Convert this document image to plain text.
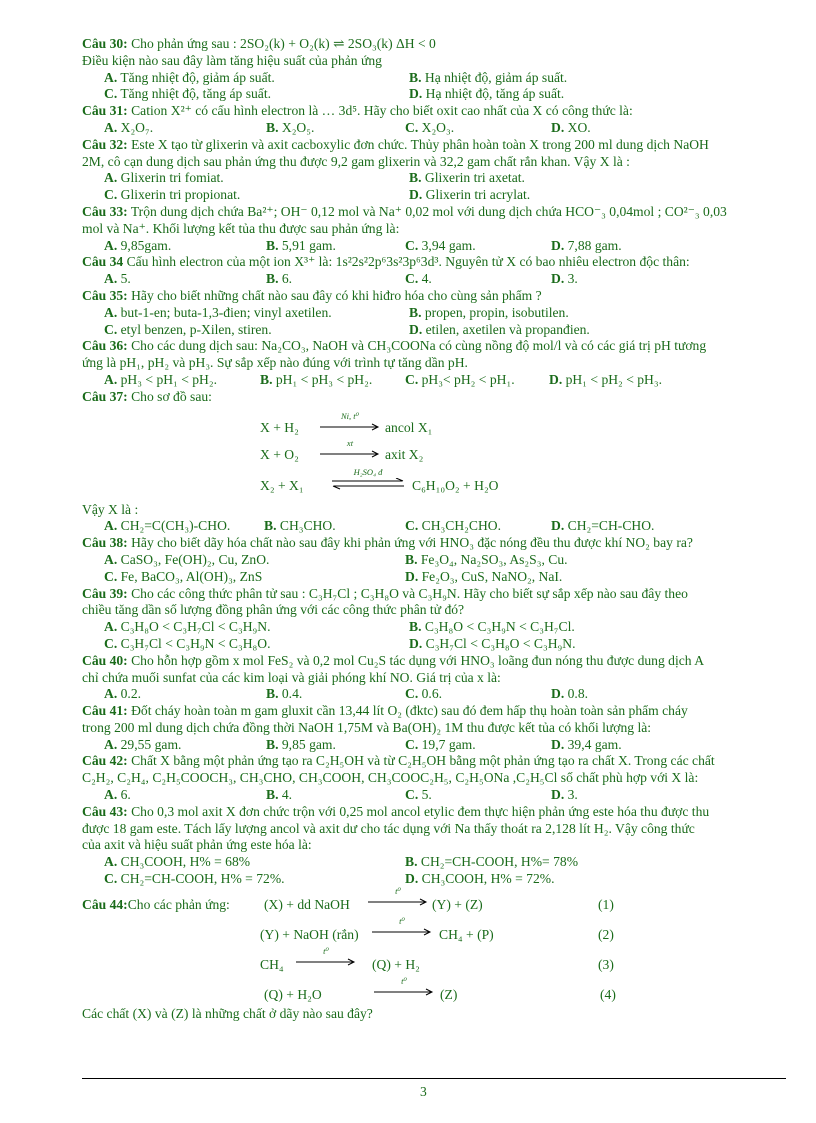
Câu 30: Cho phản ứng sau : 2SO₂(k) + O₂(k) ⇌ 2SO₃(k) ΔH < 0
Điều kiện nào sau đây làm tăng hiệu suất của phản ứng
A. Tăng nhiệt độ, giảm áp suất.	B. Hạ nhiệt độ, giảm áp suất.
C. Tăng nhiệt độ, tăng áp suất.	D. Hạ nhiệt độ, tăng áp suất.
Câu 31: Cation X²⁺ có cấu hình electron là … 3d⁵. Hãy cho biết oxit cao nhất của X có công thức là:
A. X₂O₇.	B. X₂O₅.	C. X₂O₃.	D. XO.
Câu 32: Este X tạo từ glixerin và axit cacboxylic đơn chức. Thủy phân hoàn toàn X trong 200 ml dung dịch NaOH
2M, cô cạn dung dịch sau phản ứng thu được 9,2 gam glixerin và 32,2 gam chất rắn khan. Vậy X là :
A. Glixerin tri fomiat.	B. Glixerin tri axetat.
C. Glixerin tri propionat.	D. Glixerin tri acrylat.
Câu 33: Trộn dung dịch chứa Ba²⁺; OH⁻ 0,12 mol và Na⁺ 0,02 mol với dung dịch chứa HCO⁻₃ 0,04mol ; CO²⁻₃ 0,03
mol và Na⁺. Khối lượng kết tủa thu được sau phản ứng là:
A. 9,85gam.	B. 5,91 gam.	C. 3,94 gam.	D. 7,88 gam.
Câu 34 Cấu hình electron của một ion X³⁺ là: 1s²2s²2p⁶3s²3p⁶3d³. Nguyên tử X có bao nhiêu electron độc thân:
A. 5.	B. 6.	C. 4.	D. 3.
Câu 35: Hãy cho biết những chất nào sau đây có khi hiđro hóa cho cùng sản phẩm ?
A. but-1-en; buta-1,3-đien; vinyl axetilen.	B. propen, propin, isobutilen.
C. etyl benzen, p-Xilen, stiren.	D. etilen, axetilen và propanđien.
Câu 36: Cho các dung dịch sau: Na₂CO₃, NaOH và CH₃COONa có cùng nồng độ mol/l và có các giá trị pH tương
ứng là pH₁, pH₂ và pH₃. Sự sắp xếp nào đúng với trình tự tăng dần pH.
A. pH₃ < pH₁ < pH₂.	B. pH₁ < pH₃ < pH₂. C. pH₃< pH₂ < pH₁.	D. pH₁ < pH₂ < pH₃.
Câu 37: Cho sơ đồ sau:
X + H₂
Ni, t⁰
ancol X₁
X + O₂
xt
axit X₂
X₂ + X₁
H₂SO₄ đ
C₆H₁₀O₂ + H₂O
Vậy X là :
A. CH₂=C(CH₃)-CHO. B. CH₃CHO.	C. CH₃CH₂CHO.	D. CH₂=CH-CHO.
Câu 38: Hãy cho biết dãy hóa chất nào sau đây khi phản ứng với HNO₃ đặc nóng đều thu được khí NO₂ bay ra?
A. CaSO₃, Fe(OH)₂, Cu, ZnO.	B. Fe₃O₄, Na₂SO₃, As₂S₃, Cu.
C. Fe, BaCO₃, Al(OH)₃, ZnS	D. Fe₂O₃, CuS, NaNO₂, NaI.
Câu 39: Cho các công thức phân tử sau : C₃H₇Cl ; C₃H₈O và C₃H₉N. Hãy cho biết sự sắp xếp nào sau đây theo
chiều tăng dần số lượng đồng phân ứng với các công thức phân tử đó?
A. C₃H₈O < C₃H₇Cl < C₃H₉N.	B. C₃H₈O < C₃H₉N < C₃H₇Cl.
C. C₃H₇Cl < C₃H₉N < C₃H₈O.	D. C₃H₇Cl < C₃H₈O < C₃H₉N.
Câu 40: Cho hỗn hợp gồm x mol FeS₂ và 0,2 mol Cu₂S tác dụng với HNO₃ loãng đun nóng thu được dung dịch A
chỉ chứa muối sunfat của các kim loại và giải phóng khí NO. Giá trị của x là:
A. 0.2.	B. 0.4.	C. 0.6.	D. 0.8.
Câu 41: Đốt cháy hoàn toàn m gam gluxit cần 13,44 lít O₂ (đktc) sau đó đem hấp thụ hoàn toàn sản phẩm cháy
trong 200 ml dung dịch chứa đồng thời NaOH 1,75M và Ba(OH)₂ 1M thu được kết tủa có khối lượng là:
A. 29,55 gam.	B. 9,85 gam.	C. 19,7 gam.	D. 39,4 gam.
Câu 42: Chất X bằng một phản ứng tạo ra C₂H₅OH và từ C₂H₅OH bằng một phản ứng tạo ra chất X. Trong các chất
C₂H₂, C₂H₄, C₂H₅COOCH₃, CH₃CHO, CH₃COOH, CH₃COOC₂H₅, C₂H₅ONa ,C₂H₅Cl số chất phù hợp với X là:
A. 6.	B. 4.	C. 5.	D. 3.
Câu 43: Cho 0,3 mol axit X đơn chức trộn với 0,25 mol ancol etylic đem thực hiện phản ứng este hóa thu được thu
được 18 gam este. Tách lấy lượng ancol và axit dư cho tác dụng với Na thấy thoát ra 2,128 lít H₂. Vậy công thức
của axit và hiệu suất phản ứng este hóa là:
A. CH₃COOH, H% = 68%	B. CH₂=CH-COOH, H%= 78%
C. CH₂=CH-COOH, H% = 72%.	D. CH₃COOH, H% = 72%.
Câu 44: Cho các phản ứng:	(X) + dd NaOH
t⁰
(Y) + (Z)	(1)
(Y) + NaOH (rắn)
t⁰
CH₄ + (P)	(2)
CH₄
t⁰
(Q) + H₂	(3)
(Q) + H₂O
t⁰
(Z)	(4)
Các chất (X) và (Z) là những chất ở dãy nào sau đây?
3
